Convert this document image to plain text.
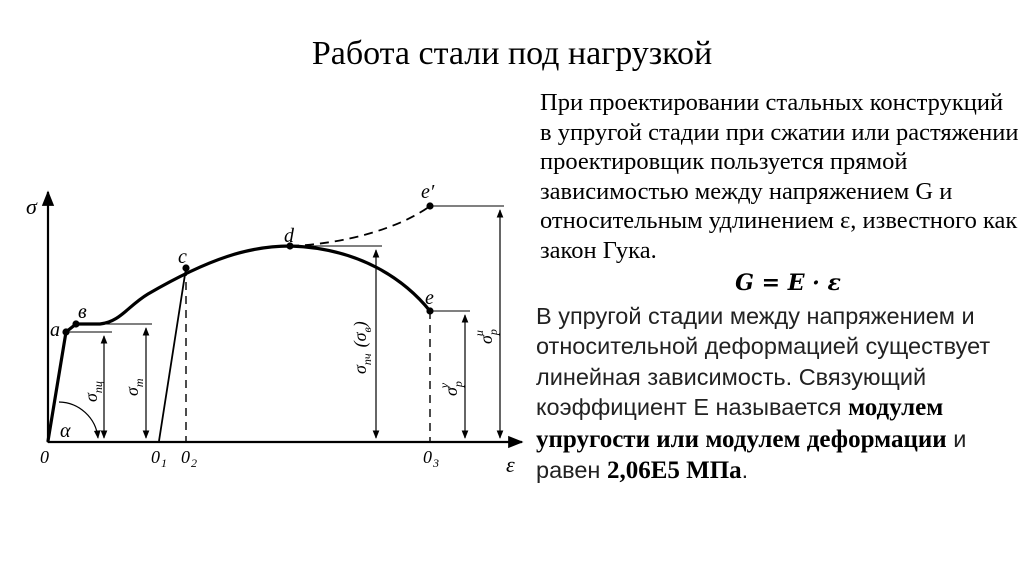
Работа стали под нагрузкой
σ
ε
α
a
в
c
d
e
e′
0	0 1 0 2	0 3
$\sigma_{пц}$ $\sigma_т$
$\sigma_{пч}(\sigma_в)$
$\sigma_ру$
$\sigma_ри$

При проектировании стальных конструкций в упругой стадии при сжатии или растяжении проектировщик пользуется прямой зависимостью между напряжением G и относительным удлинением ε, известного как закон Гука.

G = E · ε

В упругой стадии между напряжением и относительной деформацией существует линейная зависимость. Связующий коэффициент Е называется модулем упругости или модулем деформации и равен 2,06Е5 МПа.
